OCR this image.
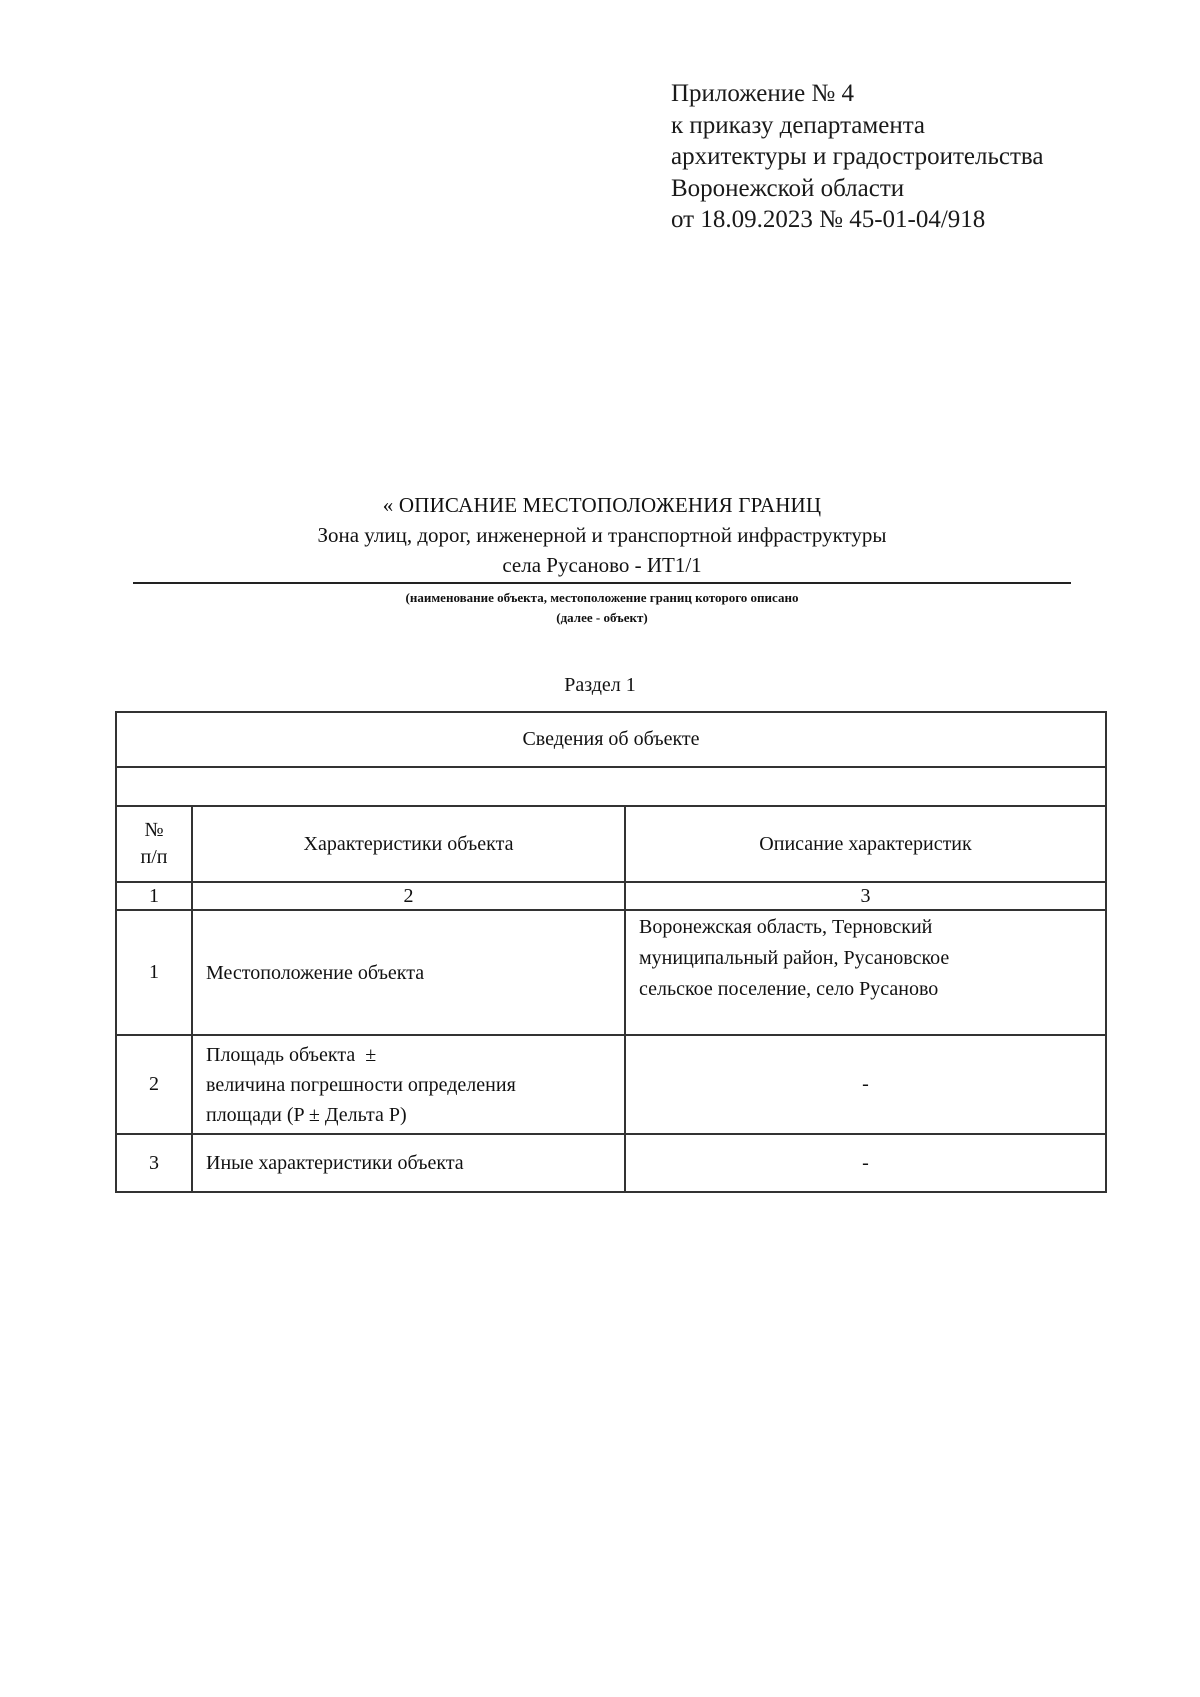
Приложение № 4
к приказу департамента
архитектуры и градостроительства
Воронежской области
от 18.09.2023 № 45-01-04/918
« ОПИСАНИЕ МЕСТОПОЛОЖЕНИЯ ГРАНИЦ
Зона улиц, дорог, инженерной и транспортной инфраструктуры
села Русаново - ИТ1/1
(наименование объекта, местоположение границ которого описано
(далее - объект)
Раздел 1
Сведения об объекте		

№
п/п	Характеристики объекта	Описание характеристик
1	2	3
1	Местоположение объекта	Воронежская область, Терновский
муниципальный район, Русановское
сельское поселение, село Русаново

2	Площадь объекта  ±
величина погрешности определения
площади (P ± Дельта P)	-
3	Иные характеристики объекта	-
